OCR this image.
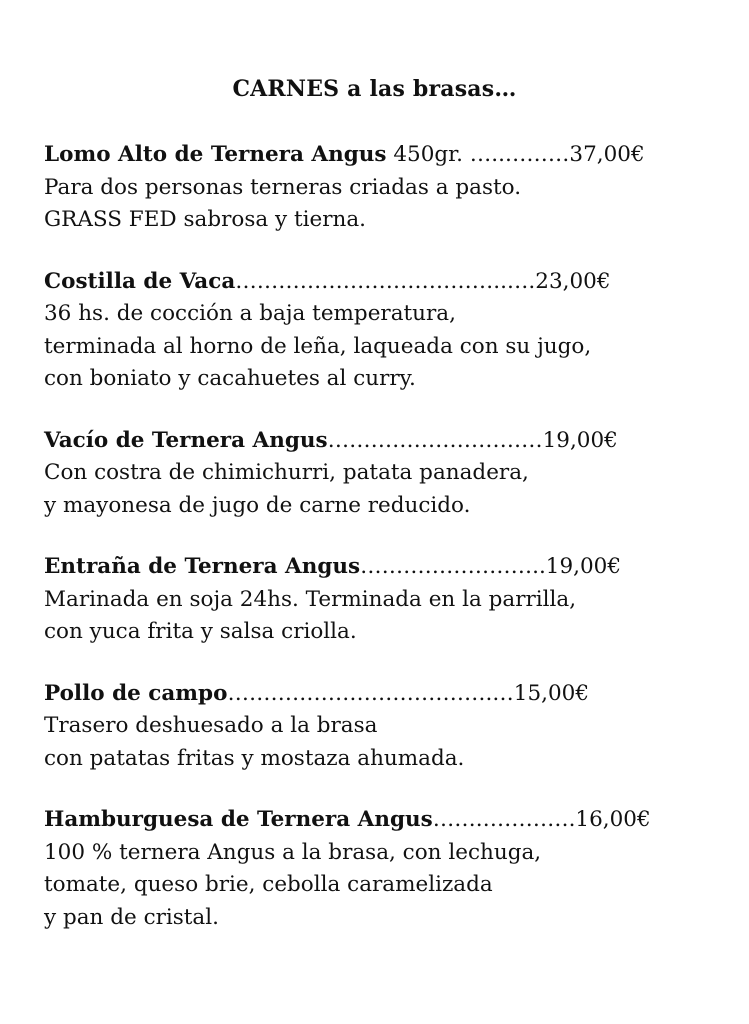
CARNES a las brasas…
Lomo Alto de Ternera Angus 450gr. …..………37,00€
Para dos personas terneras criadas a pasto.
GRASS FED sabrosa y tierna.
Costilla de Vaca………………………………..….23,00€
36 hs. de cocción a baja temperatura,
terminada al horno de leña, laqueada con su jugo,
con boniato y cacahuetes al curry.
Vacío de Ternera Angus…………………………19,00€
Con costra de chimichurri, patata panadera,
y mayonesa de jugo de carne reducido.
Entraña de Ternera Angus……………………..19,00€
Marinada en soja 24hs. Terminada en la parrilla,
con yuca frita y salsa criolla.
Pollo de campo……………………………….…15,00€
Trasero deshuesado a la brasa
con patatas fritas y mostaza ahumada.
Hamburguesa de Ternera Angus…….………….16,00€
100 % ternera Angus a la brasa, con lechuga,
tomate, queso brie, cebolla caramelizada
y pan de cristal.
